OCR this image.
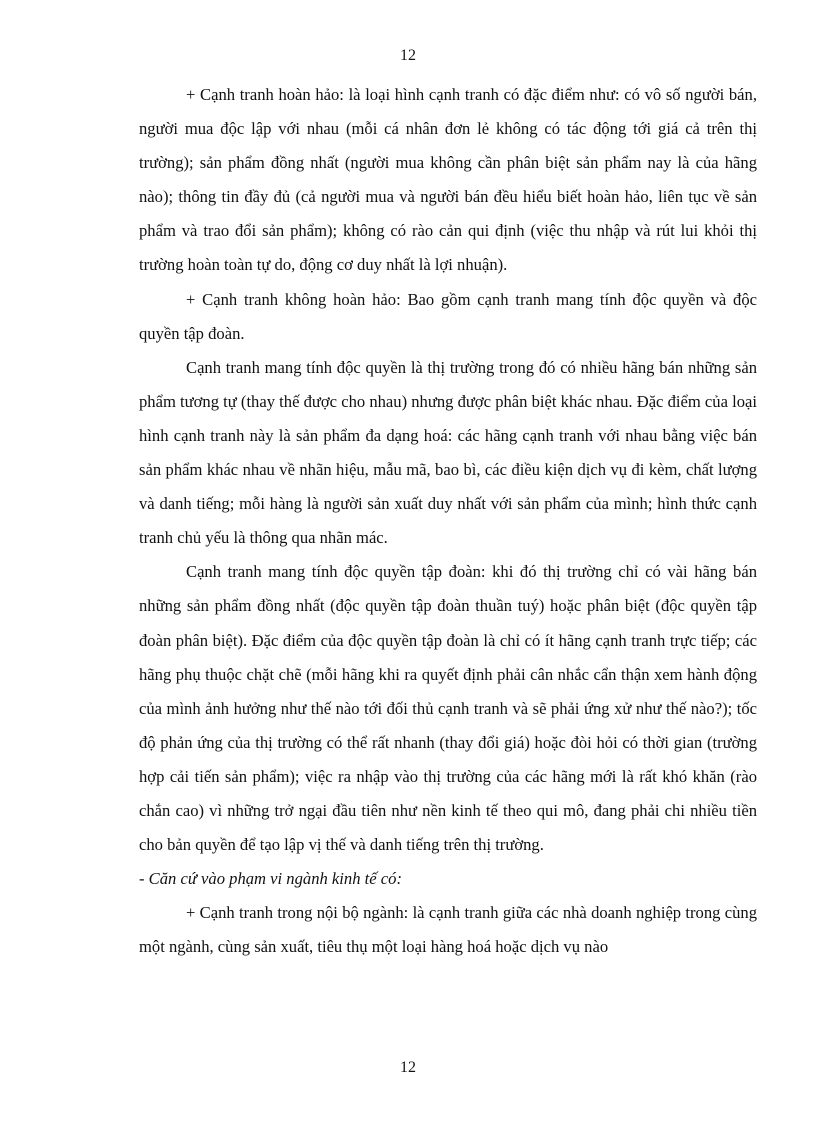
12

+ Cạnh tranh hoàn hảo: là loại hình cạnh tranh có đặc điểm như: có vô số người bán, người mua độc lập với nhau (mỗi cá nhân đơn lẻ không có tác động tới giá cả trên thị trường); sản phẩm đồng nhất (người mua không cần phân biệt sản phẩm nay là của hãng nào); thông tin đầy đủ (cả người mua và người bán đều hiểu biết hoàn hảo, liên tục về sản phẩm và trao đổi sản phẩm); không có rào cản qui định (việc thu nhập và rút lui khỏi thị trường hoàn toàn tự do, động cơ duy nhất là lợi nhuận).

+ Cạnh tranh không hoàn hảo: Bao gồm cạnh tranh mang tính độc quyền và độc quyền tập đoàn.

Cạnh tranh mang tính độc quyền là thị trường trong đó có nhiều hãng bán những sản phẩm tương tự (thay thế được cho nhau) nhưng được phân biệt khác nhau. Đặc điểm của loại hình cạnh tranh này là sản phẩm đa dạng hoá: các hãng cạnh tranh với nhau bằng việc bán sản phẩm khác nhau về nhãn hiệu, mẫu mã, bao bì, các điều kiện dịch vụ đi kèm, chất lượng và danh tiếng; mỗi hàng là người sản xuất duy nhất với sản phẩm của mình; hình thức cạnh tranh chủ yếu là thông qua nhãn mác.

Cạnh tranh mang tính độc quyền tập đoàn: khi đó thị trường chỉ có vài hãng bán những sản phẩm đồng nhất (độc quyền tập đoàn thuần tuý) hoặc phân biệt (độc quyền tập đoàn phân biệt). Đặc điểm của độc quyền tập đoàn là chỉ có ít hãng cạnh tranh trực tiếp; các hãng phụ thuộc chặt chẽ (mỗi hãng khi ra quyết định phải cân nhắc cẩn thận xem hành động của mình ảnh hưởng như thế nào tới đối thủ cạnh tranh và sẽ phải ứng xử như thế nào?); tốc độ phản ứng của thị trường có thể rất nhanh (thay đổi giá) hoặc đòi hỏi có thời gian (trường hợp cải tiến sản phẩm); việc ra nhập vào thị trường của các hãng mới là rất khó khăn (rào chắn cao) vì những trở ngại đầu tiên như nền kinh tế theo qui mô, đang phải chi nhiều tiền cho bản quyền để tạo lập vị thế và danh tiếng trên thị trường.

- Căn cứ vào phạm vi ngành kinh tế có:

+ Cạnh tranh trong nội bộ ngành: là cạnh tranh giữa các nhà doanh nghiệp trong cùng một ngành, cùng sản xuất, tiêu thụ một loại hàng hoá hoặc dịch vụ nào

12
